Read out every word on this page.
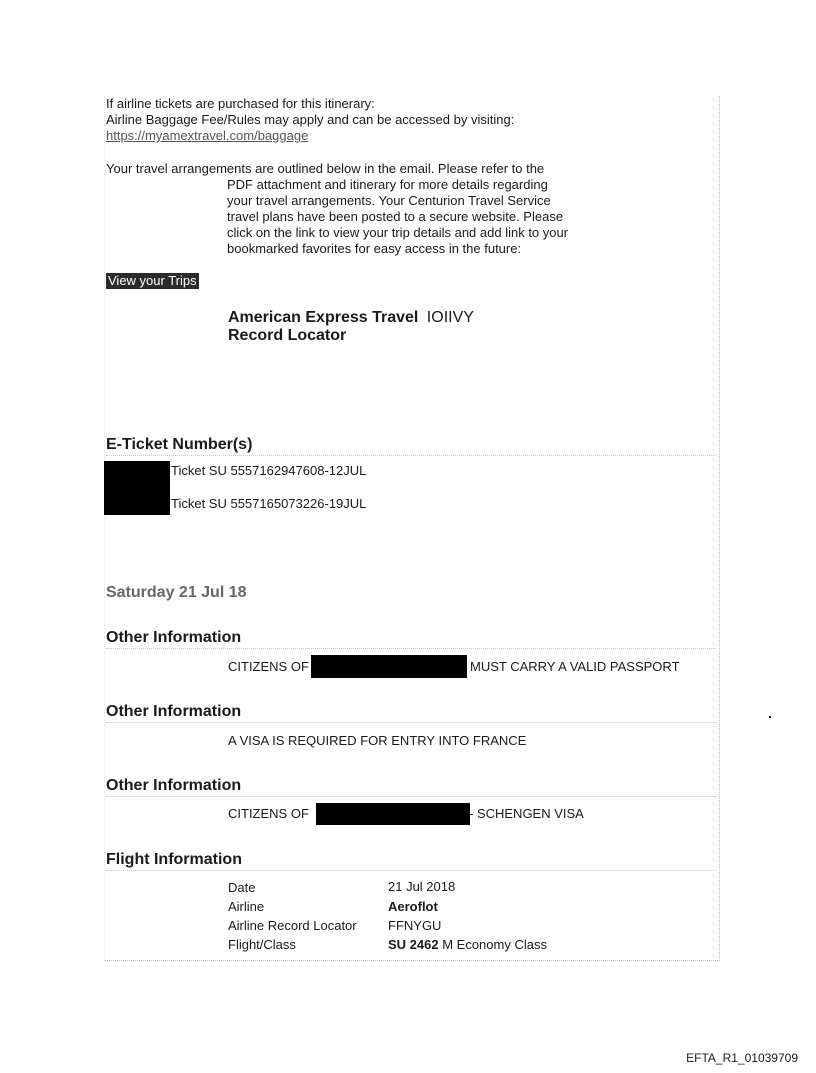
If airline tickets are purchased for this itinerary:
Airline Baggage Fee/Rules may apply and can be accessed by visiting:
https://myamextravel.com/baggage
Your travel arrangements are outlined below in the email. Please refer to the
PDF attachment and itinerary for more details regarding
your travel arrangements. Your Centurion Travel Service
travel plans have been posted to a secure website. Please
click on the link to view your trip details and add link to your
bookmarked favorites for easy access in the future:
View your Trips
American Express Travel IOIIVY
Record Locator
E-Ticket Number(s)
Ticket SU 5557162947608-12JUL
Ticket SU 5557165073226-19JUL
Saturday 21 Jul 18
Other Information
CITIZENS OF	MUST CARRY A VALID PASSPORT
Other Information
A VISA IS REQUIRED FOR ENTRY INTO FRANCE
Other Information
CITIZENS OF	- SCHENGEN VISA
Flight Information
Date	21 Jul 2018
Airline	Aeroflot
Airline Record Locator FFNYGU
Flight/Class	SU 2462 M Economy Class
EFTA_R1_01039709
